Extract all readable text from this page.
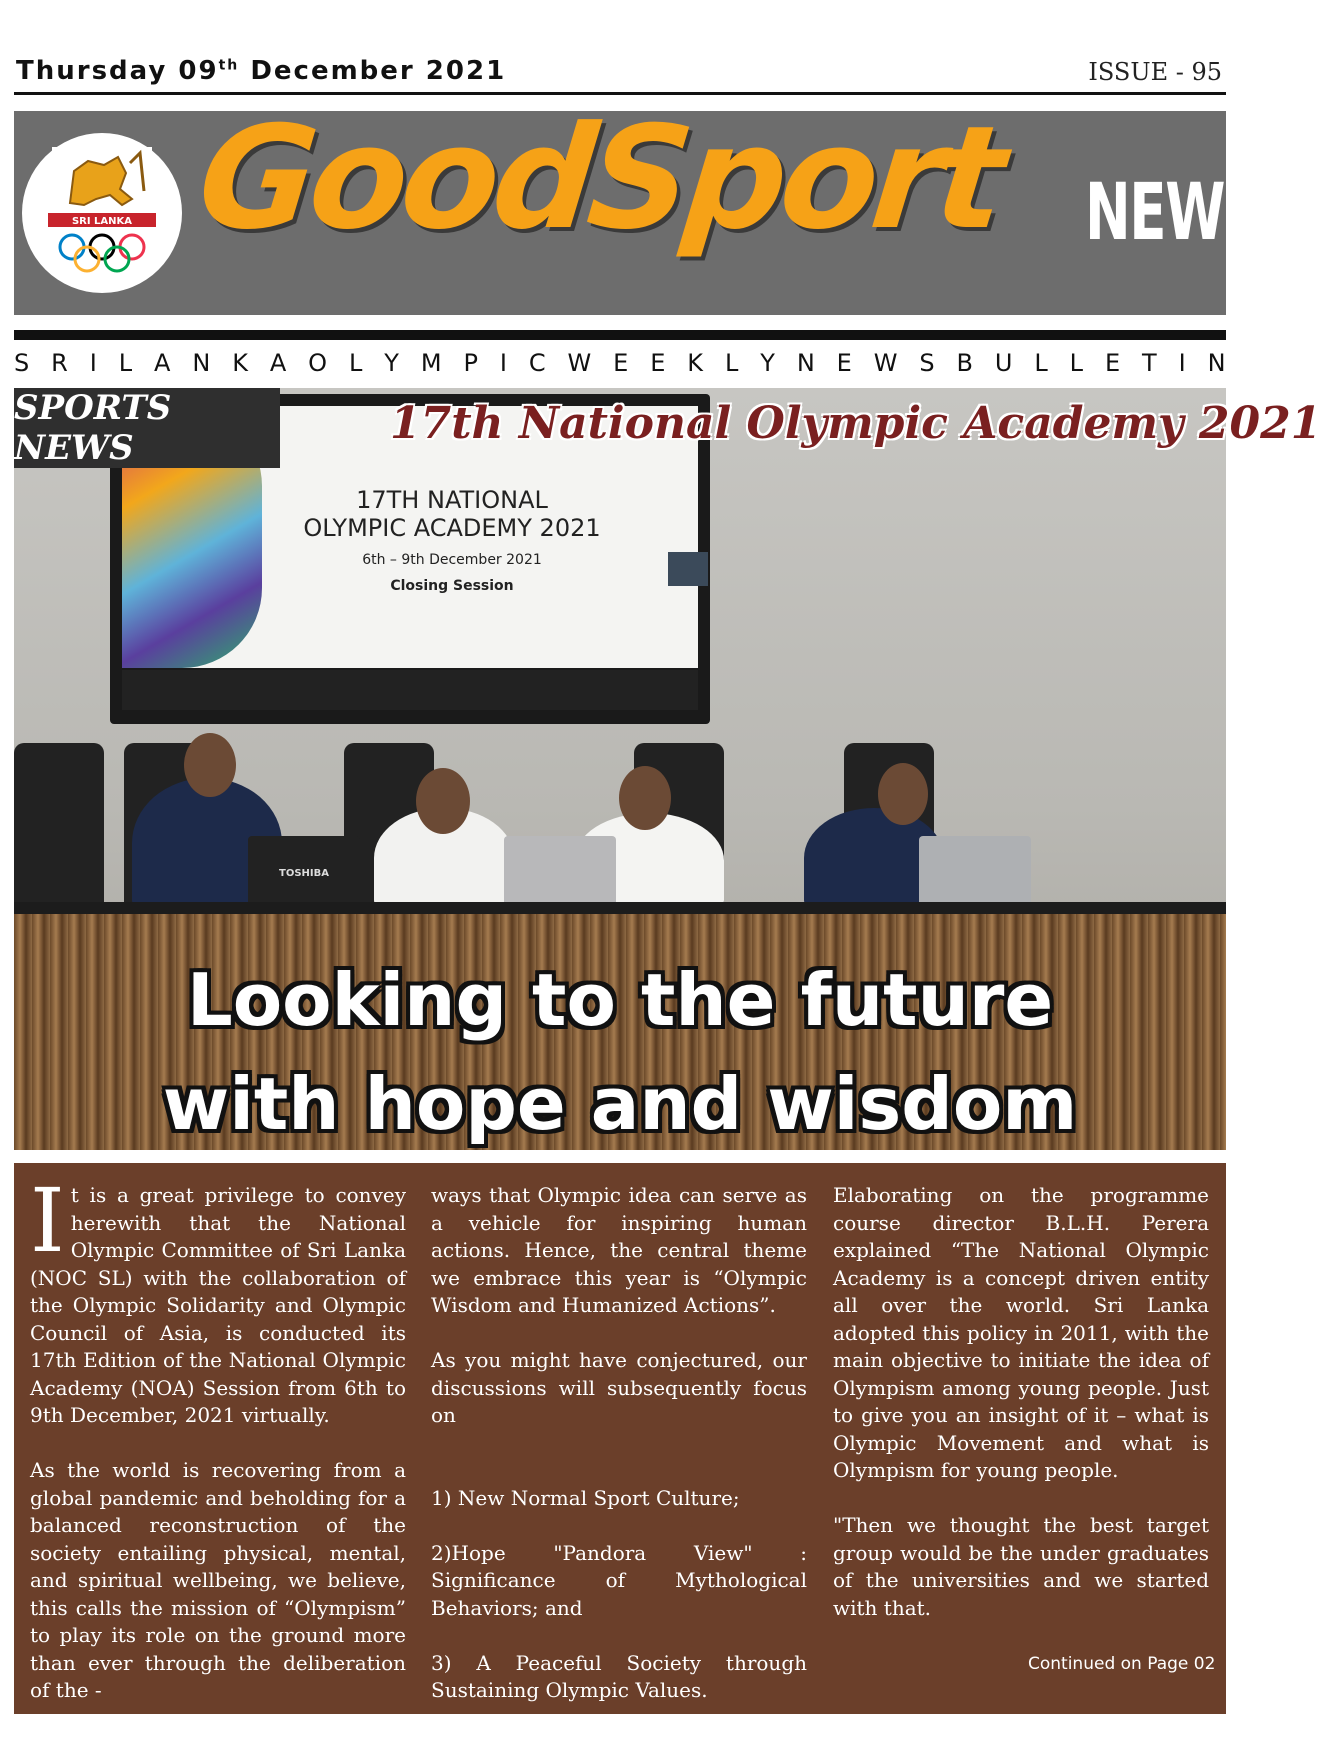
Thursday 09th December 2021	ISSUE - 95
SRI LANKA GoodSport NEWS
S R I L A N K A O L Y M P I C W E E K L Y N E W S B U L L E T I N
17TH NATIONAL
OLYMPIC ACADEMY 2021
6th – 9th December 2021
Closing Session
TOSHIBA
SPORTS NEWS	17th National Olympic Academy 2021
Looking to the future
with hope and wisdom

It is a great privilege to convey herewith that the National Olympic Committee of Sri Lanka (NOC SL) with the collaboration of the Olympic Solidarity and Olympic Council of Asia, is conducted its 17th Edition of the National Olympic Academy (NOA) Session from 6th to 9th December, 2021 virtually.

As the world is recovering from a global pandemic and beholding for a balanced reconstruction of the society entailing physical, mental, and spiritual wellbeing, we believe, this calls the mission of “Olympism” to play its role on the ground more than ever through the deliberation of the -

ways that Olympic idea can serve as a vehicle for inspiring human actions. Hence, the central theme we embrace this year is “Olympic Wisdom and Humanized Actions”.

As you might have conjectured, our discussions will subsequently focus on

1) New Normal Sport Culture;

2)Hope "Pandora View" : Significance of Mythological Behaviors; and

3) A Peaceful Society through Sustaining Olympic Values.

Elaborating on the programme course director B.L.H. Perera explained “The National Olympic Academy is a concept driven entity all over the world. Sri Lanka adopted this policy in 2011, with the main objective to initiate the idea of Olympism among young people. Just to give you an insight of it – what is Olympic Movement and what is Olympism for young people.

"Then we thought the best target group would be the under graduates of the universities and we started with that.

Continued on Page 02
